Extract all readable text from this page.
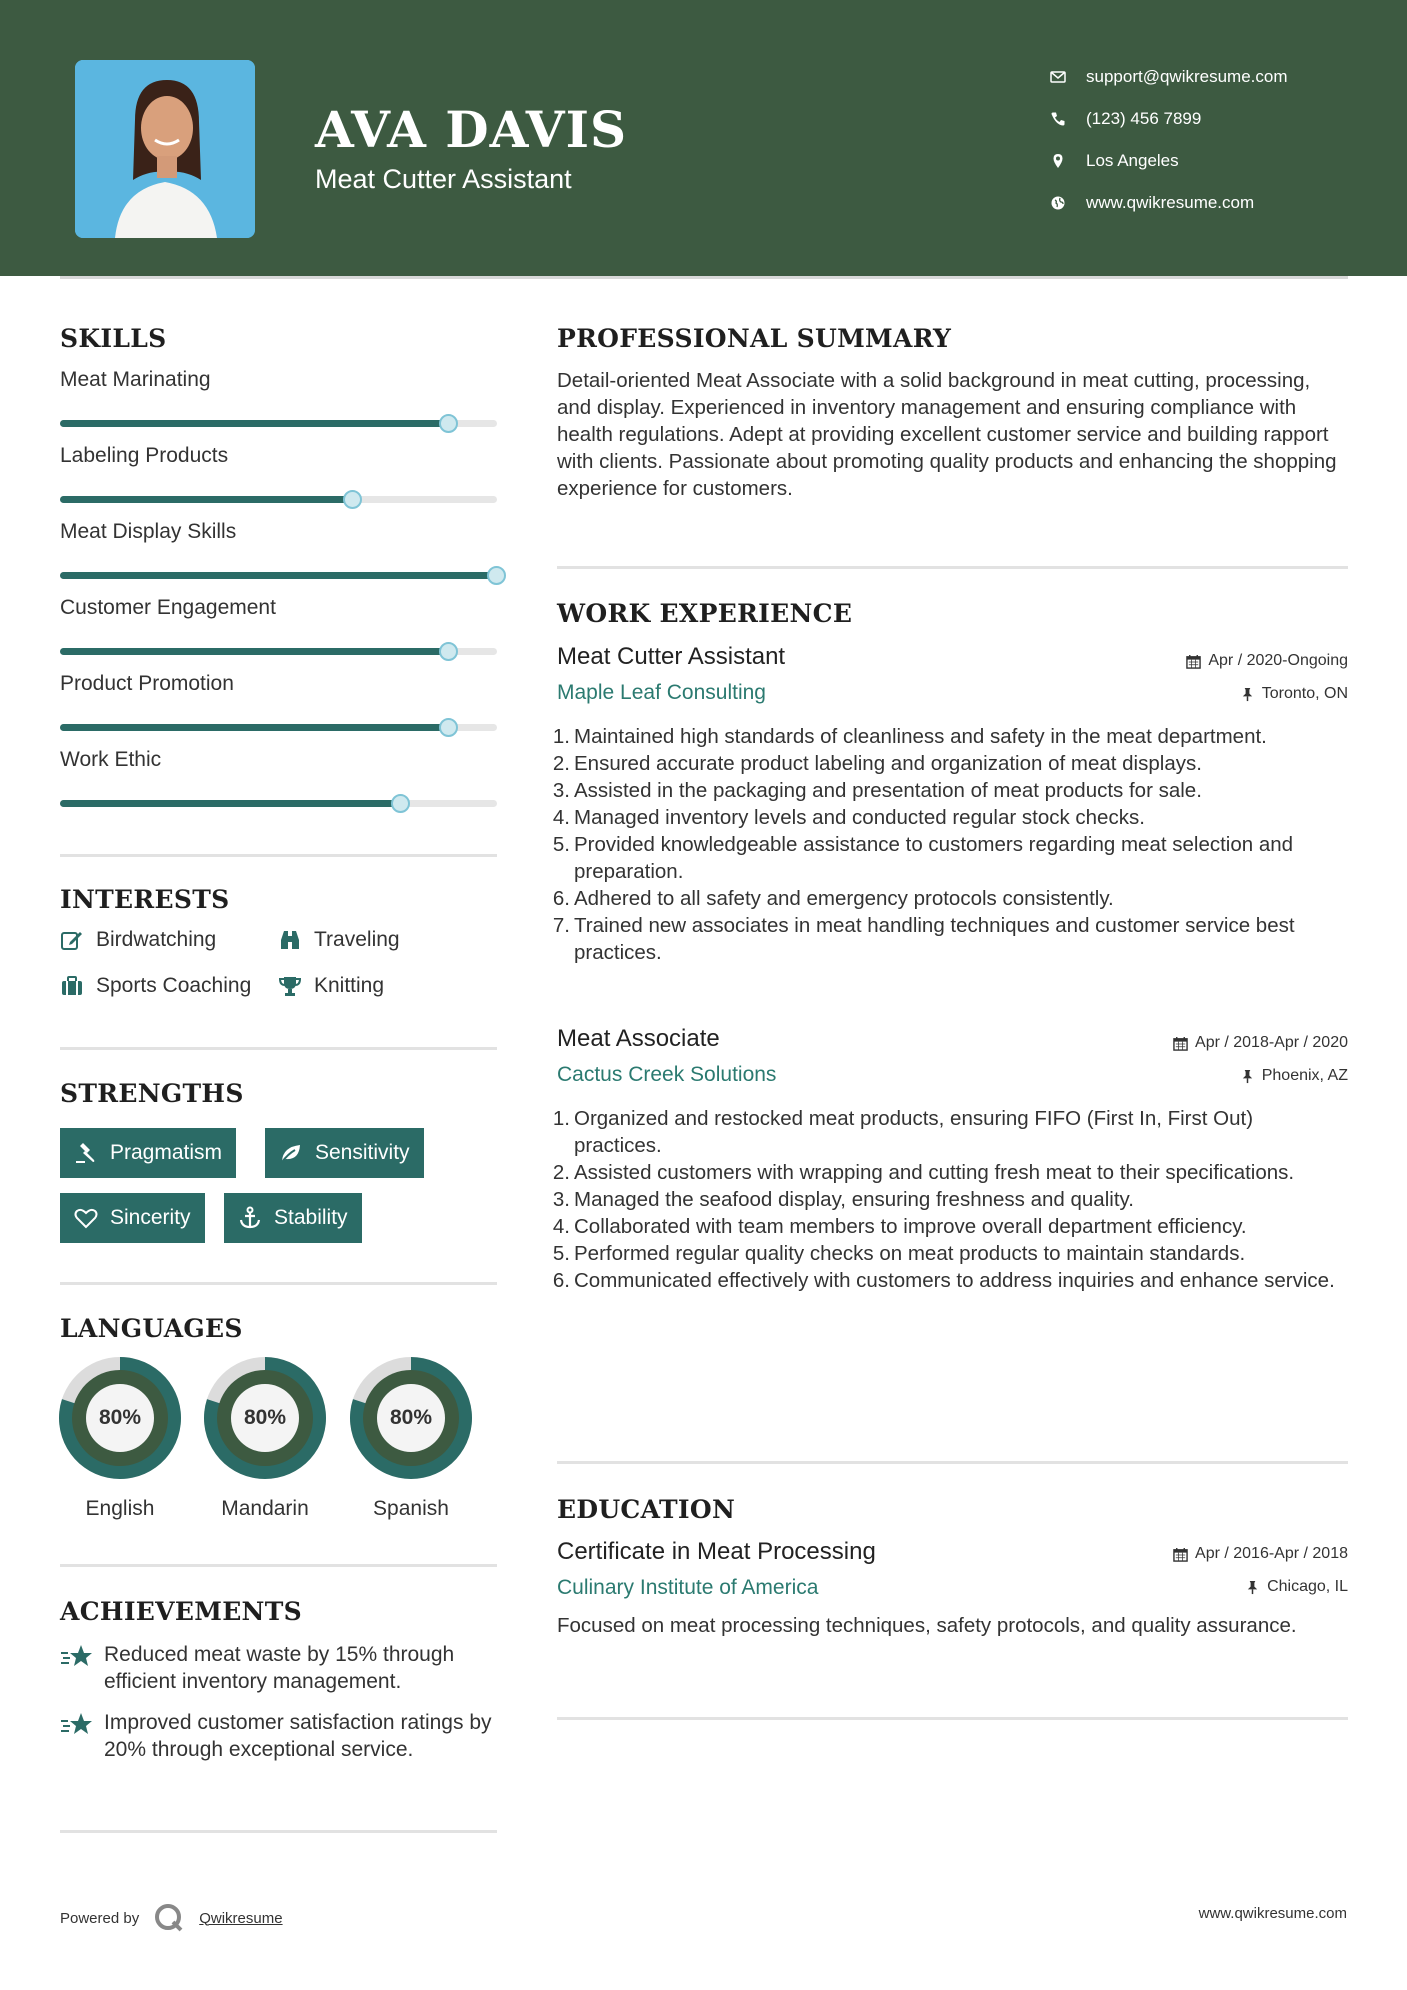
AVA DAVIS
Meat Cutter Assistant
support@qwikresume.com
(123) 456 7899
Los Angeles
www.qwikresume.com
SKILLS
Meat Marinating
Labeling Products
Meat Display Skills
Customer Engagement
Product Promotion
Work Ethic
INTERESTS
Birdwatching	Traveling
Sports Coaching	Knitting
STRENGTHS
Pragmatism	Sensitivity
Sincerity	Stability
LANGUAGES
80%
English
80%
Mandarin
80%
Spanish
ACHIEVEMENTS
Reduced meat waste by 15% through efficient inventory management.
Improved customer satisfaction ratings by 20% through exceptional service.
PROFESSIONAL SUMMARY
Detail-oriented Meat Associate with a solid background in meat cutting, processing, and display. Experienced in inventory management and ensuring compliance with health regulations. Adept at providing excellent customer service and building rapport with clients. Passionate about promoting quality products and enhancing the shopping experience for customers.
WORK EXPERIENCE
Meat Cutter Assistant	Apr / 2020-Ongoing
Maple Leaf Consulting	Toronto, ON
1. Maintained high standards of cleanliness and safety in the meat department.
2. Ensured accurate product labeling and organization of meat displays.
3. Assisted in the packaging and presentation of meat products for sale.
4. Managed inventory levels and conducted regular stock checks.
5. Provided knowledgeable assistance to customers regarding meat selection and preparation.
6. Adhered to all safety and emergency protocols consistently.
7. Trained new associates in meat handling techniques and customer service best practices.
Meat Associate	Apr / 2018-Apr / 2020
Cactus Creek Solutions	Phoenix, AZ
1. Organized and restocked meat products, ensuring FIFO (First In, First Out) practices.
2. Assisted customers with wrapping and cutting fresh meat to their specifications.
3. Managed the seafood display, ensuring freshness and quality.
4. Collaborated with team members to improve overall department efficiency.
5. Performed regular quality checks on meat products to maintain standards.
6. Communicated effectively with customers to address inquiries and enhance service.
EDUCATION
Certificate in Meat Processing	Apr / 2016-Apr / 2018
Culinary Institute of America	Chicago, IL
Focused on meat processing techniques, safety protocols, and quality assurance.
Powered by	Qwikresume	www.qwikresume.com
